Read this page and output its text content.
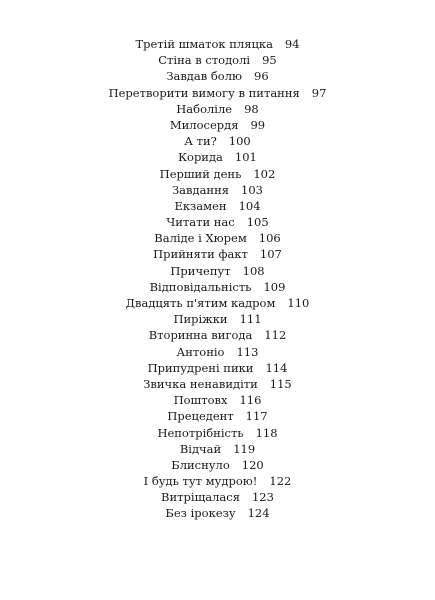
Третій шматок пляцка 94
Стіна в стодолі 95
Завдав болю 96
Перетворити вимогу в питання 97
Наболіле 98
Милосердя 99
А ти? 100
Корида 101
Перший день 102
Завдання 103
Екзамен 104
Читати нас 105
Валіде і Хюрем 106
Прийняти факт 107
Причепут 108
Відповідальність 109
Двадцять п'ятим кадром 110
Пиріжки 111
Вторинна вигода 112
Антоніо 113
Припудрені пики 114
Звичка ненавидіти 115
Поштовх 116
Прецедент 117
Непотрібність 118
Відчай 119
Блиснуло 120
І будь тут мудрою! 122
Витріщалася 123
Без ірокезу 124
